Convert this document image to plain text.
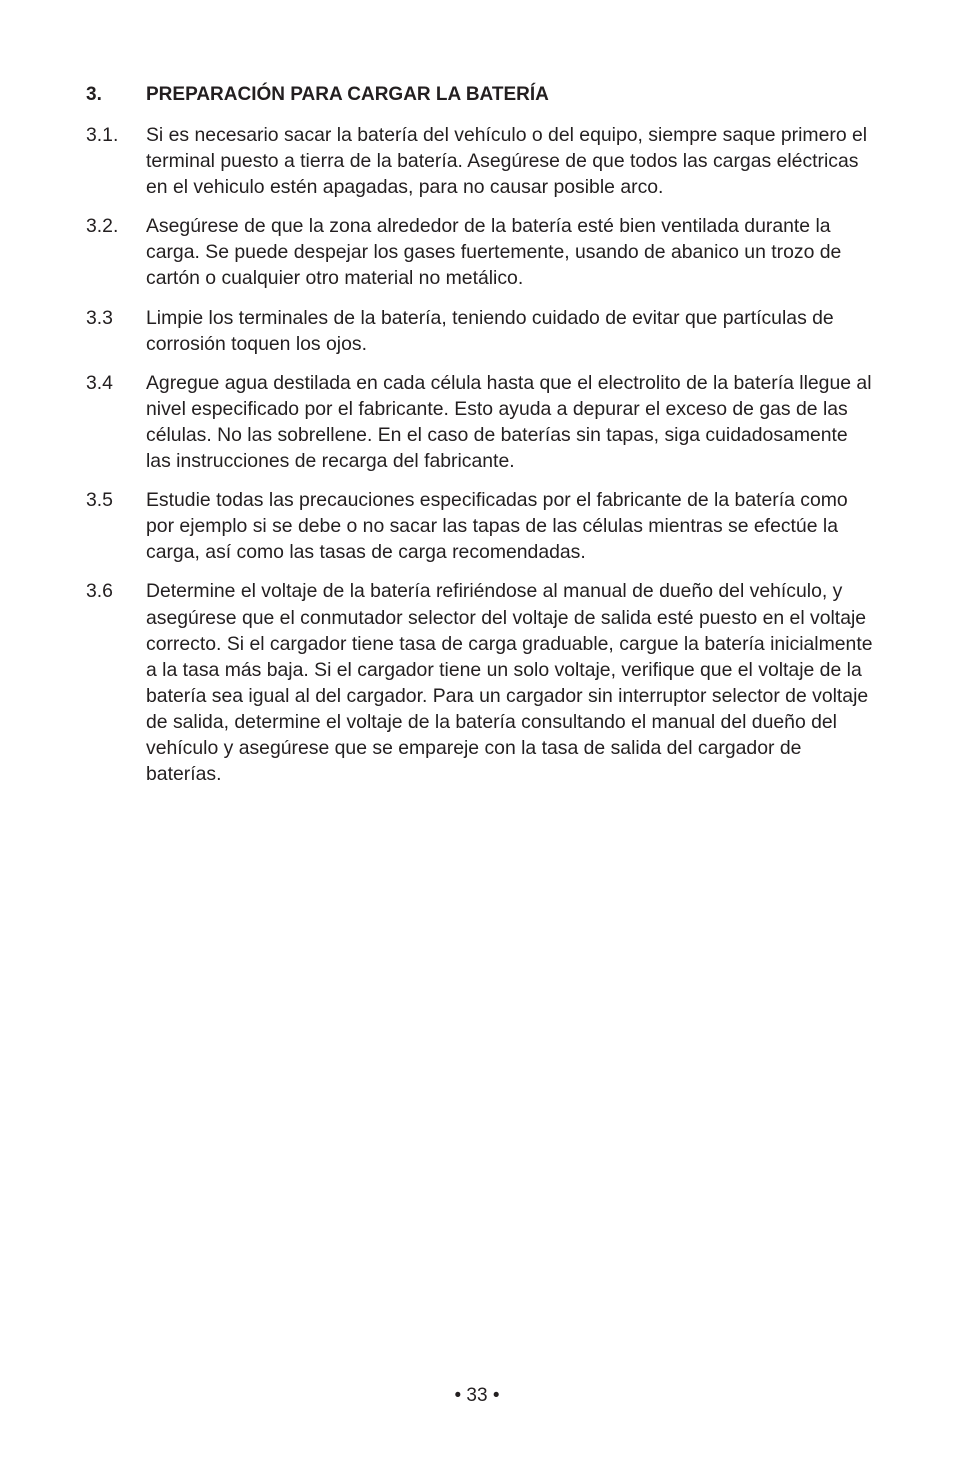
3.	PREPARACIÓN PARA CARGAR LA BATERÍA
3.1.	Si es necesario sacar la batería del vehículo o del equipo, siempre saque primero el terminal puesto a tierra de la batería. Asegúrese de que todos las cargas eléctricas en el vehiculo estén apagadas, para no causar posible arco.
3.2.	Asegúrese de que la zona alrededor de la batería esté bien ventilada durante la carga. Se puede despejar los gases fuertemente, usando de abanico un trozo de cartón o cualquier otro material no metálico.
3.3	Limpie los terminales de la batería, teniendo cuidado de evitar que partículas de corrosión toquen los ojos.
3.4	Agregue agua destilada en cada célula hasta que el electrolito de la batería llegue al nivel especificado por el fabricante. Esto ayuda a depurar el exceso de gas de las células. No las sobrellene. En el caso de baterías sin tapas, siga cuidadosamente las instrucciones de recarga del fabricante.
3.5	Estudie todas las precauciones especificadas por el fabricante de la batería como por ejemplo si se debe o no sacar las tapas de las células mientras se efectúe la carga, así como las tasas de carga recomendadas.
3.6	Determine el voltaje de la batería refiriéndose al manual de dueño del vehículo, y asegúrese que el conmutador selector del voltaje de salida esté puesto en el voltaje correcto. Si el cargador tiene tasa de carga graduable, cargue la batería inicialmente a la tasa más baja. Si el cargador tiene un solo voltaje, verifique que el voltaje de la batería sea igual al del cargador. Para un cargador sin interruptor selector de voltaje de salida, determine el voltaje de la batería consultando el manual del dueño del vehículo y asegúrese que se empareje con la tasa de salida del cargador de baterías.
• 33 •
